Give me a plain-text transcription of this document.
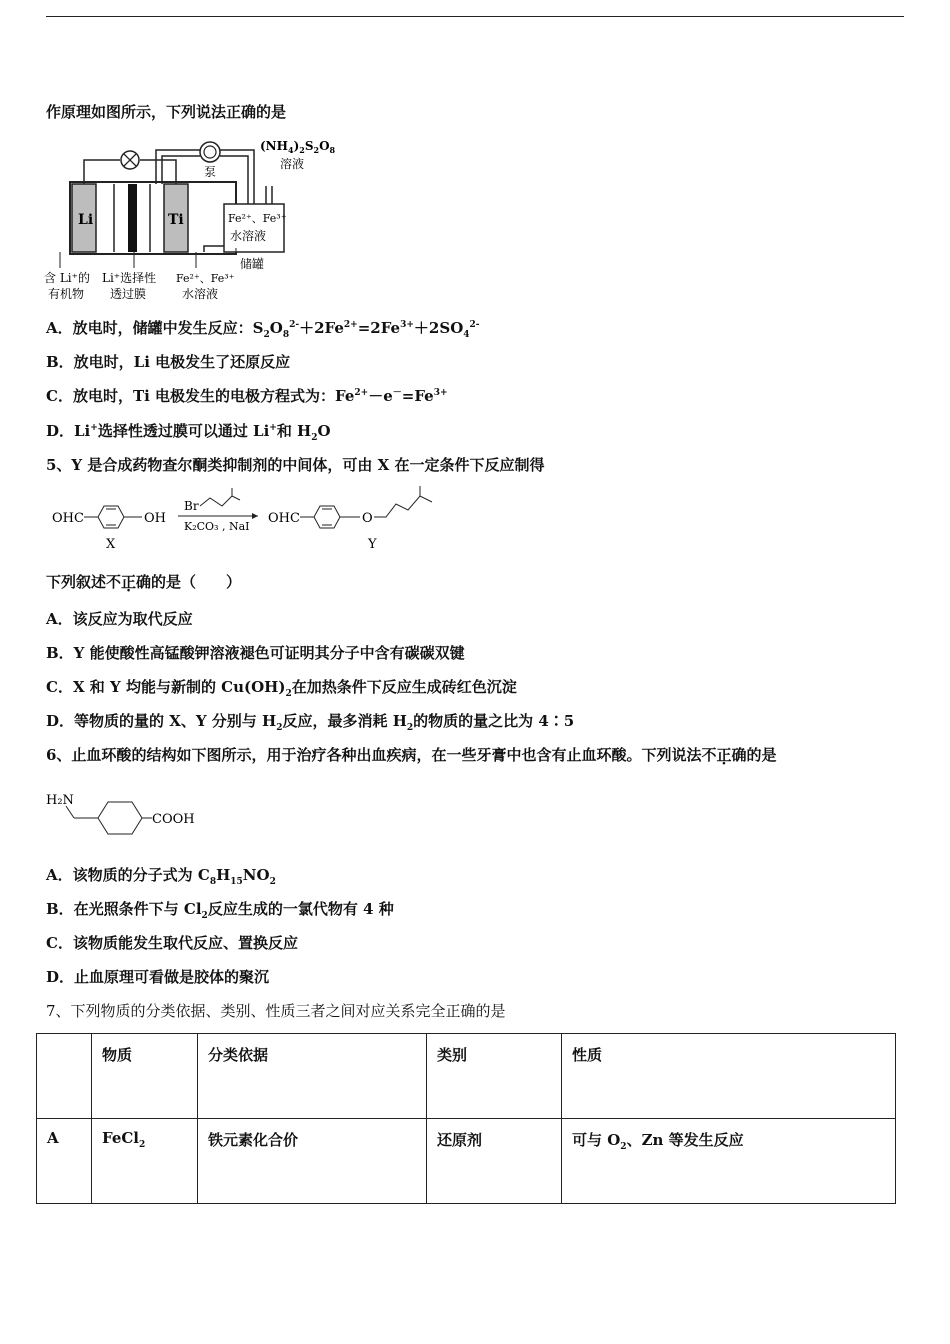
作原理如图所示，下列说法正确的是
Li	Ti
泵
$(NH_4)_2S_2O_8$
溶液
Fe²⁺、Fe³⁺
水溶液
储罐
含 Li⁺的
有机物
Li⁺选择性
透过膜
Fe²⁺、Fe³⁺
水溶液
A．放电时，储罐中发生反应：$S_2O_8^{2-}+2Fe^{2+}=2Fe^{3+}+2SO_4^{2-}$
B．放电时，Li 电极发生了还原反应
C．放电时，Ti 电极发生的电极方程式为：$Fe^{2+}-e^-=Fe^{3+}$
D．Li+选择性透过膜可以通过 Li+和 $H_2O$
5、Y 是合成药物查尔酮类抑制剂的中间体，可由 X 在一定条件下反应制得
OHC	OH
X
Br
K₂CO₃ , NaI
OHC	O
Y
下列叙述不正确的是（　　）
A．该反应为取代反应
B．Y 能使酸性高锰酸钾溶液褪色可证明其分子中含有碳碳双键
C．X 和 Y 均能与新制的 $Cu(OH)_2$在加热条件下反应生成砖红色沉淀
D．等物质的量的 X、Y 分别与 $H_2$反应，最多消耗 $H_2$的物质的量之比为 4∶5
6、止血环酸的结构如下图所示，用于治疗各种出血疾病，在一些牙膏中也含有止血环酸。下列说法不正确的是
H₂N
COOH
A．该物质的分子式为 $C_8H_{15}NO_2$
B．在光照条件下与 $Cl_2$反应生成的一氯代物有 4 种
C．该物质能发生取代反应、置换反应
D．止血原理可看做是胶体的聚沉
7、下列物质的分类依据、类别、性质三者之间对应关系完全正确的是
	物质	分类依据	类别	性质
A	FeCl$_2$	铁元素化合价	还原剂	可与 $O_2$、Zn 等发生反应
